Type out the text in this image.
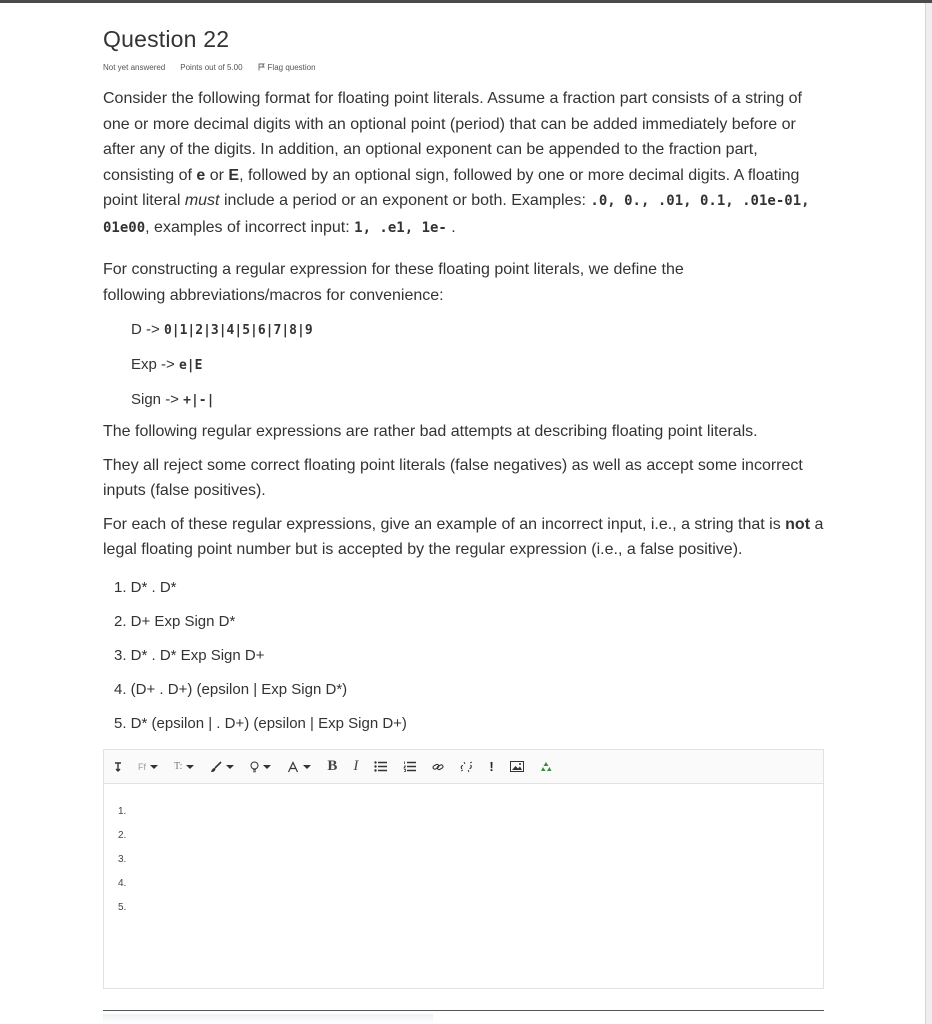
Question 22
Not yet answered Points out of 5.00	Flag question

Consider the following format for floating point literals. Assume a fraction part consists of a string of one or more decimal digits with an optional point (period) that can be added immediately before or after any of the digits. In addition, an optional exponent can be appended to the fraction part, consisting of e or E, followed by an optional sign, followed by one or more decimal digits. A floating point literal must include a period or an exponent or both. Examples: .0, 0., .01, 0.1, .01e-01, 01e00, examples of incorrect input: 1, .e1, 1e- .

For constructing a regular expression for these floating point literals, we define the following abbreviations/macros for convenience:

D -> 0|1|2|3|4|5|6|7|8|9
Exp -> e|E
Sign -> +|-|

The following regular expressions are rather bad attempts at describing floating point literals.

They all reject some correct floating point literals (false negatives) as well as accept some incorrect inputs (false positives).

For each of these regular expressions, give an example of an incorrect input, i.e., a string that is not a legal floating point number but is accepted by the regular expression (i.e., a false positive).

1. D* . D*
2. D+ Exp Sign D*
3. D* . D* Exp Sign D+
4. (D+ . D+) (epsilon | Exp Sign D*)
5. D* (epsilon | . D+) (epsilon | Exp Sign D+)
Ff	T:	B I	!
1.
2.
3.
4.
5.
